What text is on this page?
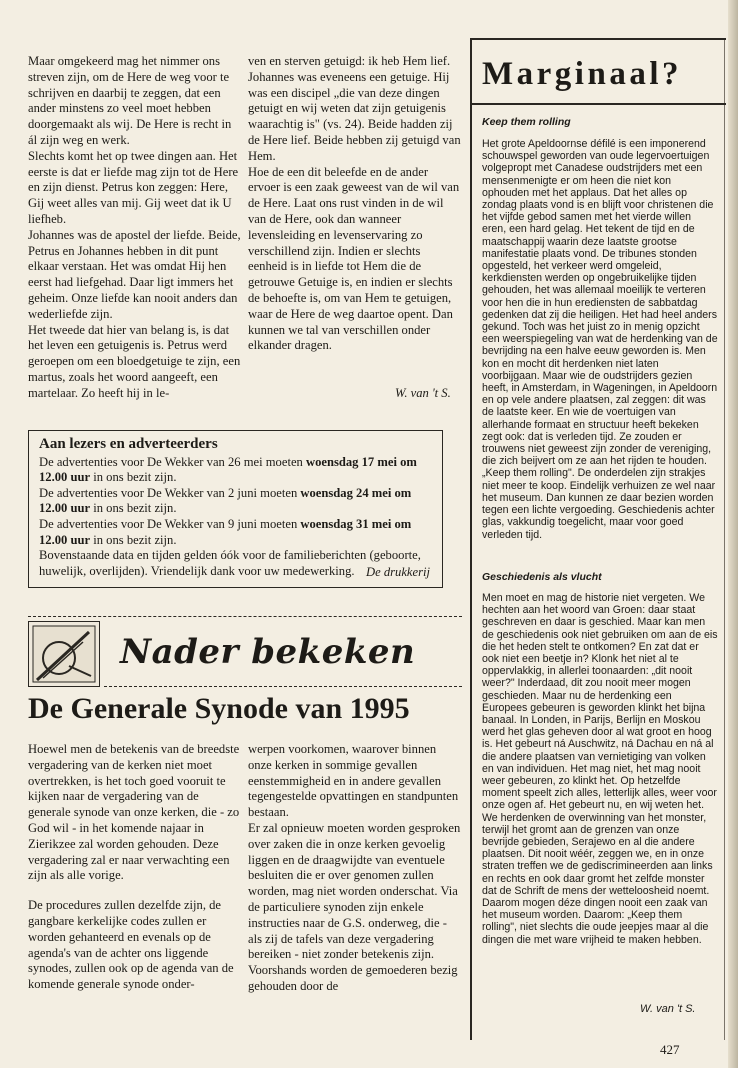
Maar omgekeerd mag het nimmer ons streven zijn, om de Here de weg voor te schrijven en daarbij te zeggen, dat een ander minstens zo veel moet hebben doorgemaakt als wij. De Here is recht in ál zijn weg en werk.

Slechts komt het op twee dingen aan. Het eerste is dat er liefde mag zijn tot de Here en zijn dienst. Petrus kon zeggen: Here, Gij weet alles van mij. Gij weet dat ik U liefheb.

Johannes was de apostel der liefde. Beide, Petrus en Johannes hebben in dit punt elkaar verstaan. Het was omdat Hij hen eerst had liefgehad. Daar ligt immers het geheim. Onze liefde kan nooit anders dan wederliefde zijn.

Het tweede dat hier van belang is, is dat het leven een getuigenis is. Petrus werd geroepen om een bloedgetuige te zijn, een martus, zoals het woord aangeeft, een martelaar. Zo heeft hij in le-

ven en sterven getuigd: ik heb Hem lief.

Johannes was eveneens een getuige. Hij was een discipel „die van deze dingen getuigt en wij weten dat zijn getuigenis waarachtig is" (vs. 24). Beide hadden zij de Here lief. Beide hebben zij getuigd van Hem.

Hoe de een dit beleefde en de ander ervoer is een zaak geweest van de wil van de Here. Laat ons rust vinden in de wil van de Here, ook dan wanneer levensleiding en levenservaring zo verschillend zijn. Indien er slechts eenheid is in liefde tot Hem die de getrouwe Getuige is, en indien er slechts de behoefte is, om van Hem te getuigen, waar de Here de weg daartoe opent. Dan kunnen we tal van verschillen onder elkander dragen.

W. van 't S.
Aan lezers en adverteerders

De advertenties voor De Wekker van 26 mei moeten woensdag 17 mei om 12.00 uur in ons bezit zijn.

De advertenties voor De Wekker van 2 juni moeten woensdag 24 mei om 12.00 uur in ons bezit zijn.

De advertenties voor De Wekker van 9 juni moeten woensdag 31 mei om 12.00 uur in ons bezit zijn.

Bovenstaande data en tijden gelden óók voor de familieberichten (geboorte, huwelijk, overlijden). Vriendelijk dank voor uw medewerking. De drukkerij
Nader bekeken
De Generale Synode van 1995

Hoewel men de betekenis van de breedste vergadering van de kerken niet moet overtrekken, is het toch goed vooruit te kijken naar de vergadering van de generale synode van onze kerken, die - zo God wil - in het komende najaar in Zierikzee zal worden gehouden. Deze vergadering zal er naar verwachting een zijn als alle vorige.

De procedures zullen dezelfde zijn, de gangbare kerkelijke codes zullen er worden gehanteerd en evenals op de agenda's van de achter ons liggende synodes, zullen ook op de agenda van de komende generale synode onder-

werpen voorkomen, waarover binnen onze kerken in sommige gevallen eenstemmigheid en in andere gevallen tegengestelde opvattingen en standpunten bestaan.

Er zal opnieuw moeten worden gesproken over zaken die in onze kerken gevoelig liggen en de draagwijdte van eventuele besluiten die er over genomen zullen worden, mag niet worden onderschat. Via de particuliere synoden zijn enkele instructies naar de G.S. onderweg, die - als zij de tafels van deze vergadering bereiken - niet zonder betekenis zijn. Voorshands worden de gemoederen bezig gehouden door de

Marginaal?
Keep them rolling

Het grote Apeldoornse défilé is een imponerend schouwspel geworden van oude legervoertuigen volgepropt met Canadese oudstrijders met een mensenmenigte er om heen die niet kon ophouden met het applaus. Dat het alles op zondag plaats vond is en blijft voor christenen die het vijfde gebod samen met het vierde willen eren, een hard gelag. Het tekent de tijd en de maatschappij waarin deze laatste grootse manifestatie plaats vond. De tribunes stonden opgesteld, het verkeer werd omgeleid, kerkdiensten werden op ongebruikelijke tijden gehouden, het was allemaal moeilijk te verteren voor hen die in hun erediensten de sabbatdag gedenken dat zij die heiligen. Het had heel anders gekund. Toch was het juist zo in menig opzicht een weerspiegeling van wat de herdenking van de bevrijding na een halve eeuw geworden is. Men kon en mocht dit herdenken niet laten voorbijgaan. Maar wie de oudstrijders gezien heeft, in Amsterdam, in Wageningen, in Apeldoorn en op vele andere plaatsen, zal zeggen: dit was de laatste keer. En wie de voertuigen van allerhande formaat en structuur heeft bekeken zegt ook: dat is verleden tijd. Ze zouden er trouwens niet geweest zijn zonder de vereniging, die zich beijvert om ze aan het rijden te houden. „Keep them rolling". De onderdelen zijn strakjes niet meer te koop. Eindelijk verhuizen ze wel naar het museum. Dan kunnen ze daar bezien worden tegen een lichte vergoeding. Geschiedenis achter glas, vakkundig toegelicht, maar voor goed verleden tijd.

Geschiedenis als vlucht

Men moet en mag de historie niet vergeten. We hechten aan het woord van Groen: daar staat geschreven en daar is geschied. Maar kan men de geschiedenis ook niet gebruiken om aan de eis die het heden stelt te ontkomen? En zat dat er ook niet een beetje in? Klonk het niet al te oppervlakkig, in allerlei toonaarden: „dit nooit weer?" Inderdaad, dit zou nooit meer mogen geschieden. Maar nu de herdenking een Europees gebeuren is geworden klinkt het bijna banaal. In Londen, in Parijs, Berlijn en Moskou werd het glas geheven door al wat groot en hoog is. Het gebeurt ná Auschwitz, ná Dachau en ná al die andere plaatsen van vernietiging van volken en van individuen. Het mag niet, het mag nooit weer gebeuren, zo klinkt het. Op hetzelfde moment speelt zich alles, letterlijk alles, weer voor onze ogen af. Het gebeurt nu, en wij weten het. We herdenken de overwinning van het monster, terwijl het gromt aan de grenzen van onze bevrijde gebieden, Serajewo en al die andere plaatsen. Dit nooit wéér, zeggen we, en in onze straten treffen we de gediscrimineerden aan links en rechts en ook daar gromt het zelfde monster dat de Schrift de mens der wetteloosheid noemt. Daarom mogen déze dingen nooit een zaak van het museum worden. Daarom: „Keep them rolling", niet slechts die oude jeepjes maar al die dingen die met ware vrijheid te maken hebben.

W. van 't S.
427
